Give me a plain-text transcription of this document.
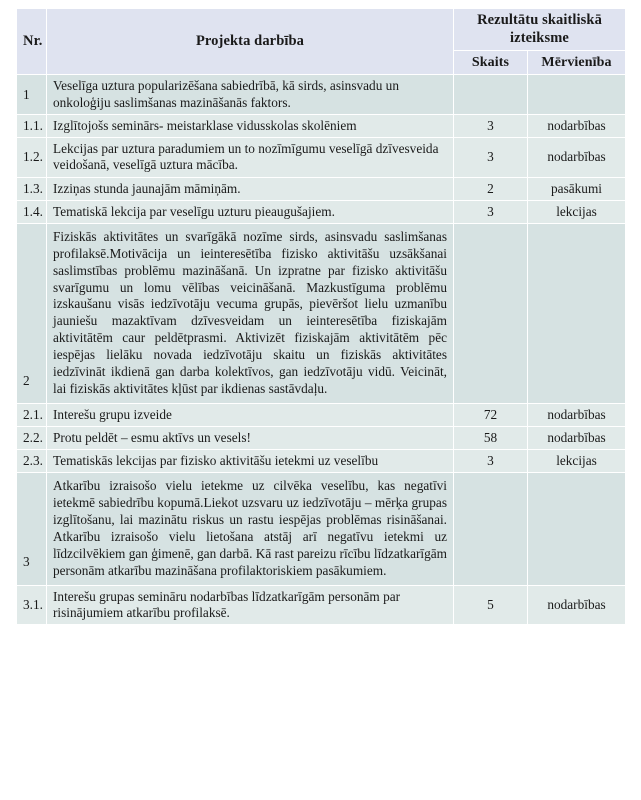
Nr.	Projekta darbība	Rezultātu skaitliskā izteiksme	
		Skaits	Mērvienība
1	Veselīga uztura popularizēšana sabiedrībā, kā sirds, asinsvadu un onkoloģiju saslimšanas mazināšanās faktors.		
1.1.	Izglītojošs seminārs- meistarklase vidusskolas skolēniem	3	nodarbības
1.2.	Lekcijas par uztura paradumiem un to nozīmīgumu veselīgā dzīvesveida veidošanā, veselīgā uztura mācība.	3	nodarbības
1.3.	Izziņas stunda jaunajām māmiņām.	2	pasākumi
1.4.	Tematiskā lekcija par veselīgu uzturu pieaugušajiem.	3	lekcijas
2	Fiziskās aktivitātes un svarīgākā nozīme sirds, asinsvadu saslimšanas profilaksē.Motivācija un ieinteresētība fizisko aktivitāšu uzsākšanai saslimstības problēmu mazināšanā. Un izpratne par fizisko aktivitāšu svarīgumu un lomu vēlības veicināšanā. Mazkustīguma problēmu izskaušanu visās iedzīvotāju vecuma grupās, pievēršot lielu uzmanību jauniešu mazaktīvam dzīvesveidam un ieinteresētība fiziskajām aktivitātēm caur peldētprasmi. Aktivizēt fiziskajām aktivitātēm pēc iespējas lielāku novada iedzīvotāju skaitu un fiziskās aktivitātes iedzīvināt ikdienā gan darba kolektīvos, gan iedzīvotāju vidū. Veicināt, lai fiziskās aktivitātes kļūst par ikdienas sastāvdaļu.		
2.1.	Interešu grupu izveide	72	nodarbības
2.2.	Protu peldēt – esmu aktīvs un vesels!	58	nodarbības
2.3.	Tematiskās lekcijas par fizisko aktivitāšu ietekmi uz veselību	3	lekcijas
3	Atkarību izraisošo vielu ietekme uz cilvēka veselību, kas negatīvi ietekmē sabiedrību kopumā.Liekot uzsvaru uz iedzīvotāju – mērķa grupas izglītošanu, lai mazinātu riskus un rastu iespējas problēmas risināšanai. Atkarību izraisošo vielu lietošana atstāj arī negatīvu ietekmi uz līdzcilvēkiem gan ģimenē, gan darbā. Kā rast pareizu rīcību līdzatkarīgām personām atkarību mazināšana profilaktoriskiem pasākumiem.		
3.1.	Interešu grupas semināru nodarbības līdzatkarīgām personām par risinājumiem atkarību profilaksē.	5	nodarbības
